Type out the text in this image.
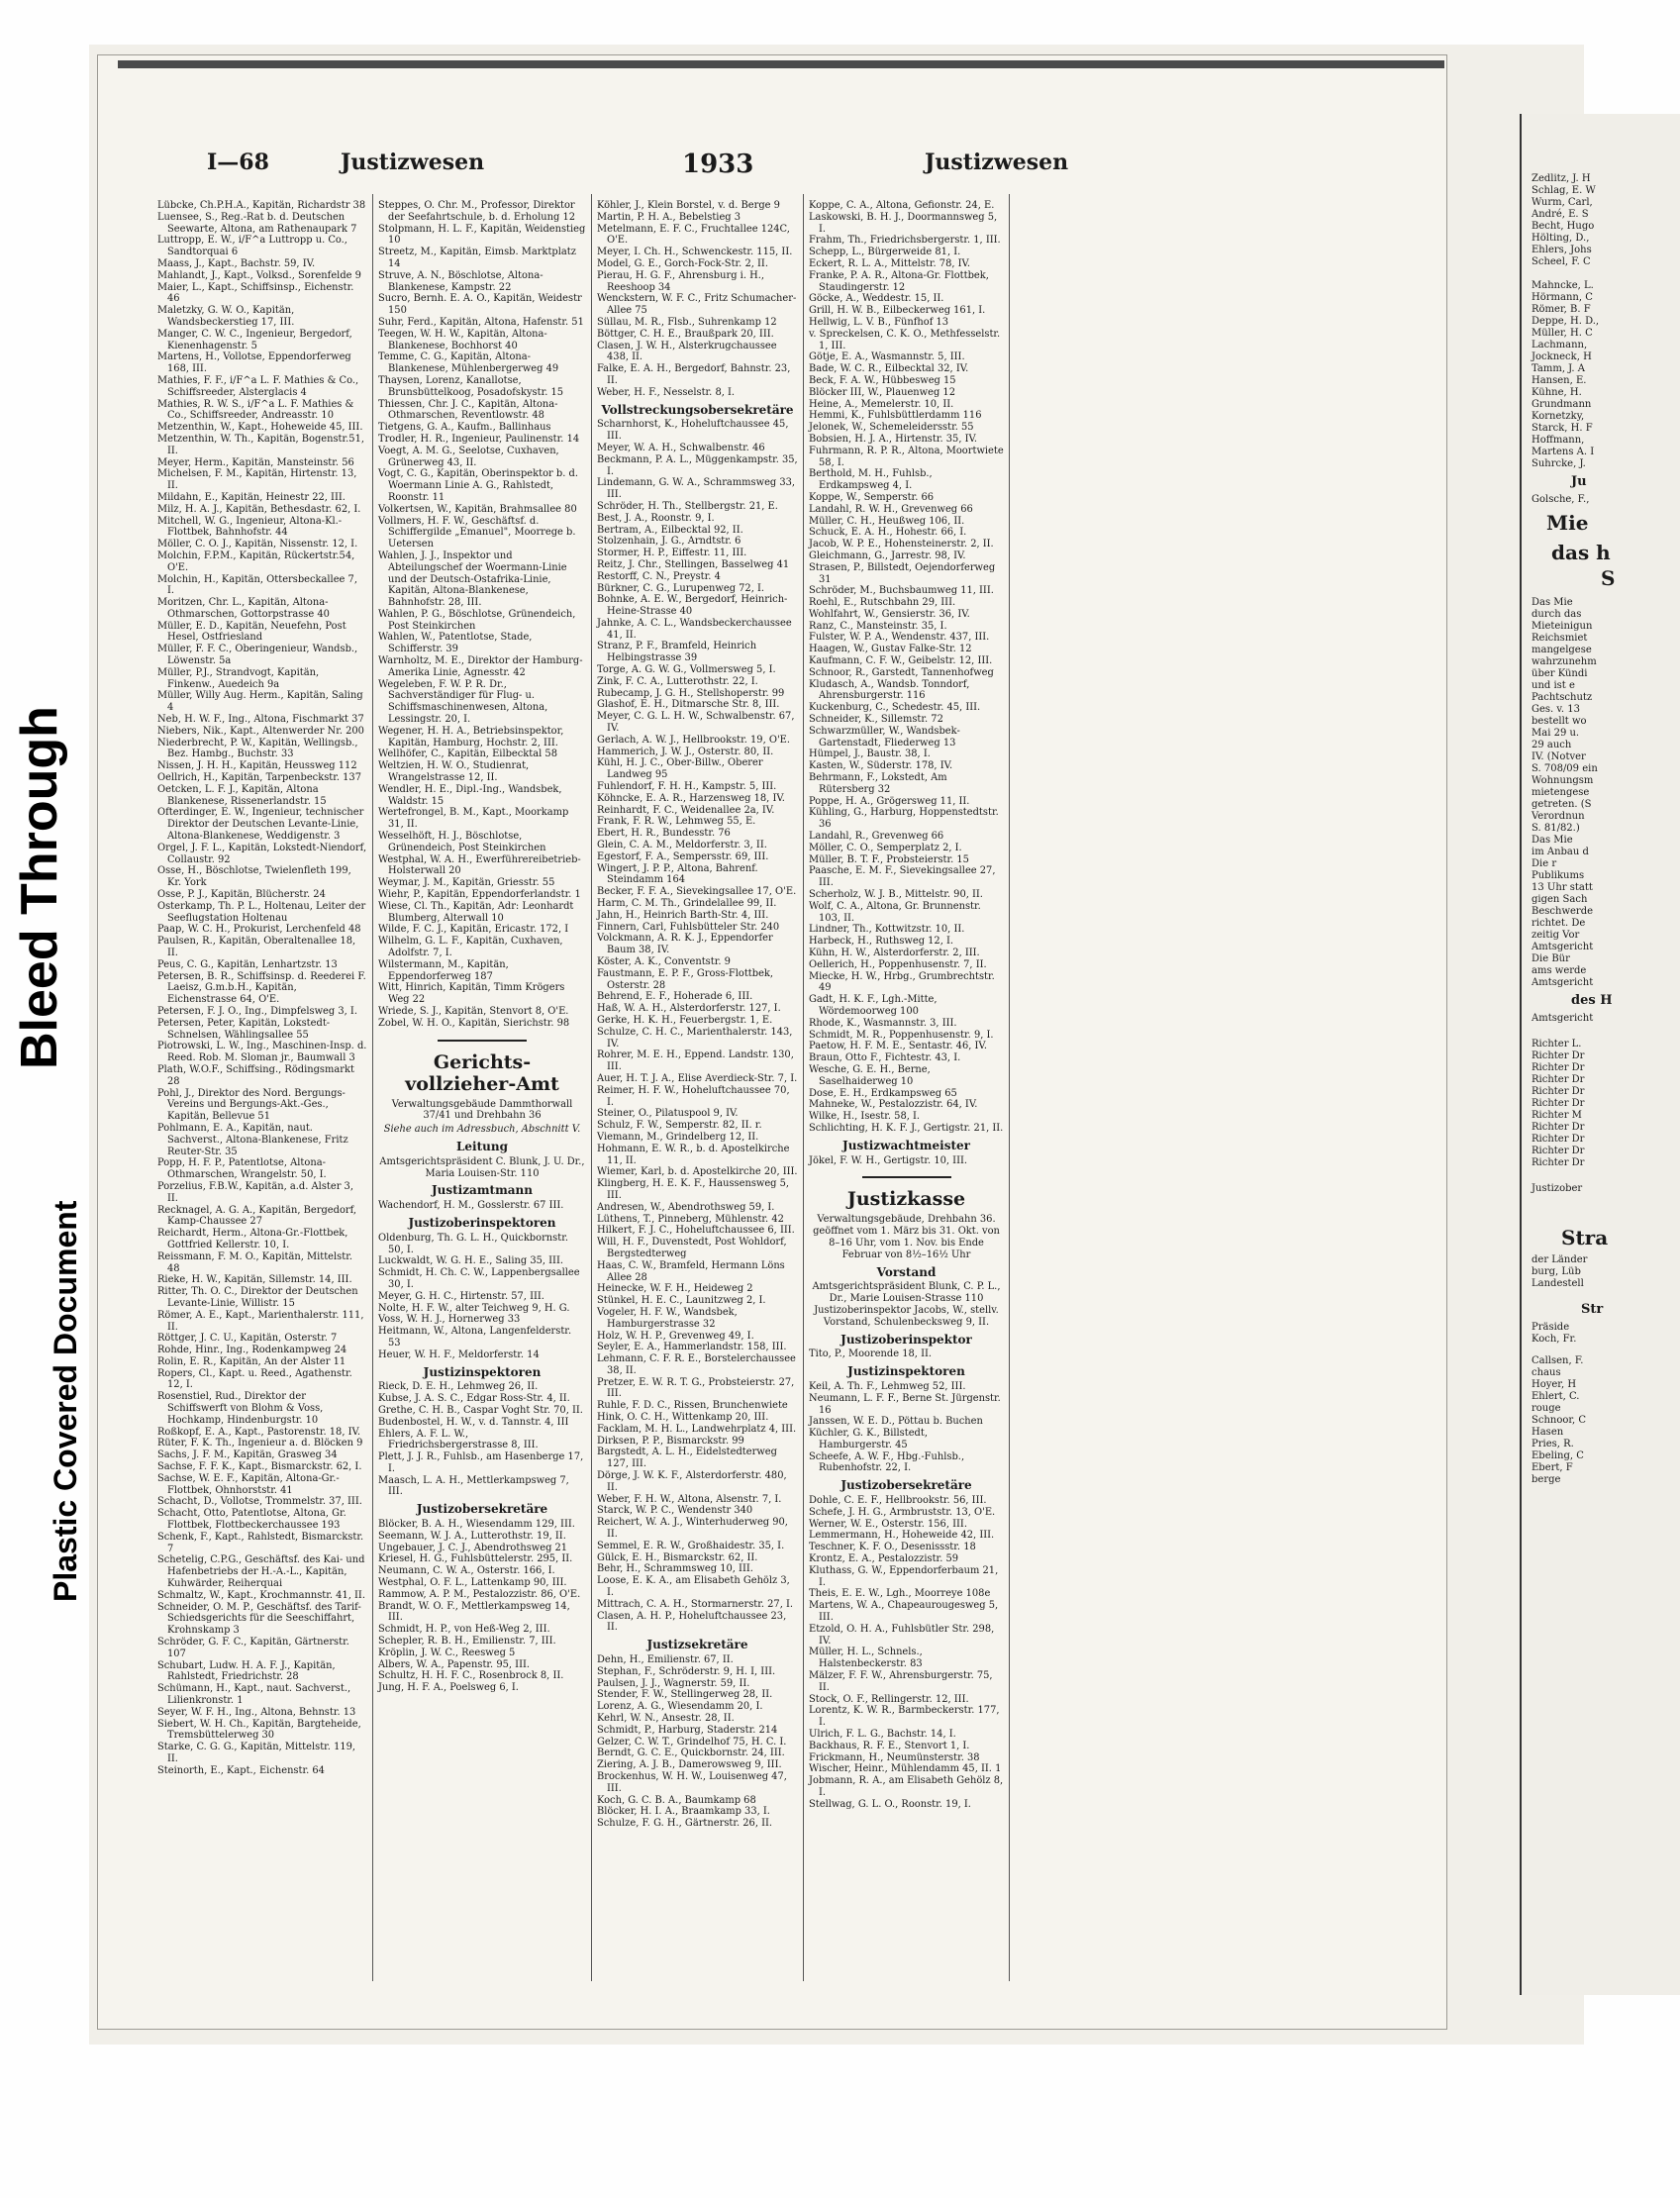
Bleed Through
Plastic Covered Document
I—68	Justizwesen	1933	Justizwesen

Lübcke, Ch.P.H.A., Kapitän, Richardstr 38

Luensee, S., Reg.-Rat b. d. Deutschen Seewarte, Altona, am Rathenaupark 7

Luttropp, E. W., i/F^a Luttropp u. Co., Sandtorquai 6

Maass, J., Kapt., Bachstr. 59, IV.

Mahlandt, J., Kapt., Volksd., Sorenfelde 9

Maier, L., Kapt., Schiffsinsp., Eichenstr. 46

Maletzky, G. W. O., Kapitän, Wandsbeckerstieg 17, III.

Manger, C. W. C., Ingenieur, Bergedorf, Kienenhagenstr. 5

Martens, H., Vollotse, Eppendorferweg 168, III.

Mathies, F. F., i/F^a L. F. Mathies & Co., Schiffsreeder, Alsterglacis 4

Mathies, R. W. S., i/F^a L. F. Mathies & Co., Schiffsreeder, Andreasstr. 10

Metzenthin, W., Kapt., Hoheweide 45, III.

Metzenthin, W. Th., Kapitän, Bogenstr.51, II.

Meyer, Herm., Kapitän, Mansteinstr. 56

Michelsen, F. M., Kapitän, Hirtenstr. 13, II.

Mildahn, E., Kapitän, Heinestr 22, III.

Milz, H. A. J., Kapitän, Bethesdastr. 62, I.

Mitchell, W. G., Ingenieur, Altona-Kl.-Flottbek, Bahnhofstr. 44

Möller, C. O. J., Kapitän, Nissenstr. 12, I.

Molchin, F.P.M., Kapitän, Rückertstr.54, O'E.

Molchin, H., Kapitän, Ottersbeckallee 7, I.

Moritzen, Chr. L., Kapitän, Altona-Othmarschen, Gottorpstrasse 40

Müller, E. D., Kapitän, Neuefehn, Post Hesel, Ostfriesland

Müller, F. F. C., Oberingenieur, Wandsb., Löwenstr. 5a

Müller, P.J., Strandvogt, Kapitän, Finkenw., Auedeich 9a

Müller, Willy Aug. Herm., Kapitän, Saling 4

Neb, H. W. F., Ing., Altona, Fischmarkt 37

Niebers, Nik., Kapt., Altenwerder Nr. 200

Niederbrecht, P. W., Kapitän, Wellingsb., Bez. Hambg., Buchstr. 33

Nissen, J. H. H., Kapitän, Heussweg 112

Oellrich, H., Kapitän, Tarpenbeckstr. 137

Oetcken, L. F. J., Kapitän, Altona Blankenese, Rissenerlandstr. 15

Ofterdinger, E. W., Ingenieur, technischer Direktor der Deutschen Levante-Linie, Altona-Blankenese, Weddigenstr. 3

Orgel, J. F. L., Kapitän, Lokstedt-Niendorf, Collaustr. 92

Osse, H., Böschlotse, Twielenfleth 199, Kr. York

Osse, P. J., Kapitän, Blücherstr. 24

Osterkamp, Th. P. L., Holtenau, Leiter der Seeflugstation Holtenau

Paap, W. C. H., Prokurist, Lerchenfeld 48

Paulsen, R., Kapitän, Oberaltenallee 18, II.

Peus, C. G., Kapitän, Lenhartzstr. 13

Petersen, B. R., Schiffsinsp. d. Reederei F. Laeisz, G.m.b.H., Kapitän, Eichenstrasse 64, O'E.

Petersen, F. J. O., Ing., Dimpfelsweg 3, I.

Petersen, Peter, Kapitän, Lokstedt-Schnelsen, Wählingsallee 55

Piotrowski, L. W., Ing., Maschinen-Insp. d. Reed. Rob. M. Sloman jr., Baumwall 3

Plath, W.O.F., Schiffsing., Rödingsmarkt 28

Pohl, J., Direktor des Nord. Bergungs-Vereins und Bergungs-Akt.-Ges., Kapitän, Bellevue 51

Pohlmann, E. A., Kapitän, naut. Sachverst., Altona-Blankenese, Fritz Reuter-Str. 35

Popp, H. F. P., Patentlotse, Altona-Othmarschen, Wrangelstr. 50, I.

Porzelius, F.B.W., Kapitän, a.d. Alster 3, II.

Recknagel, A. G. A., Kapitän, Bergedorf, Kamp-Chaussee 27

Reichardt, Herm., Altona-Gr.-Flottbek, Gottfried Kellerstr. 10, I.

Reissmann, F. M. O., Kapitän, Mittelstr. 48

Rieke, H. W., Kapitän, Sillemstr. 14, III.

Ritter, Th. O. C., Direktor der Deutschen Levante-Linie, Willistr. 15

Römer, A. E., Kapt., Marienthalerstr. 111, II.

Röttger, J. C. U., Kapitän, Osterstr. 7

Rohde, Hinr., Ing., Rodenkampweg 24

Rolin, E. R., Kapitän, An der Alster 11

Ropers, Cl., Kapt. u. Reed., Agathenstr. 12, I.

Rosenstiel, Rud., Direktor der Schiffswerft von Blohm & Voss, Hochkamp, Hindenburgstr. 10

Roßkopf, E. A., Kapt., Pastorenstr. 18, IV.

Rüter, F. K. Th., Ingenieur a. d. Blöcken 9

Sachs, J. F. M., Kapitän, Grasweg 34

Sachse, F. F. K., Kapt., Bismarckstr. 62, I.

Sachse, W. E. F., Kapitän, Altona-Gr.-Flottbek, Ohnhorststr. 41

Schacht, D., Vollotse, Trommelstr. 37, III.

Schacht, Otto, Patentlotse, Altona, Gr. Flottbek, Flottbeckerchaussee 193

Schenk, F., Kapt., Rahlstedt, Bismarckstr. 7

Schetelig, C.P.G., Geschäftsf. des Kai- und Hafenbetriebs der H.-A.-L., Kapitän, Kuhwärder, Reiherquai

Schmaltz, W., Kapt., Krochmannstr. 41, II.

Schneider, O. M. P., Geschäftsf. des Tarif-Schiedsgerichts für die Seeschiffahrt, Krohnskamp 3

Schröder, G. F. C., Kapitän, Gärtnerstr. 107

Schubart, Ludw. H. A. F. J., Kapitän, Rahlstedt, Friedrichstr. 28

Schümann, H., Kapt., naut. Sachverst., Lilienkronstr. 1

Seyer, W. F. H., Ing., Altona, Behnstr. 13

Siebert, W. H. Ch., Kapitän, Bargteheide, Tremsbüttelerweg 30

Starke, C. G. G., Kapitän, Mittelstr. 119, II.

Steinorth, E., Kapt., Eichenstr. 64

Steppes, O. Chr. M., Professor, Direktor der Seefahrtschule, b. d. Erholung 12

Stolpmann, H. L. F., Kapitän, Weidenstieg 10

Streetz, M., Kapitän, Eimsb. Marktplatz 14

Struve, A. N., Böschlotse, Altona-Blankenese, Kampstr. 22

Sucro, Bernh. E. A. O., Kapitän, Weidestr 150

Suhr, Ferd., Kapitän, Altona, Hafenstr. 51

Teegen, W. H. W., Kapitän, Altona-Blankenese, Bochhorst 40

Temme, C. G., Kapitän, Altona-Blankenese, Mühlenbergerweg 49

Thaysen, Lorenz, Kanallotse, Brunsbüttelkoog, Posadofskystr. 15

Thiessen, Chr. J. C., Kapitän, Altona-Othmarschen, Reventlowstr. 48

Tietgens, G. A., Kaufm., Ballinhaus

Trodler, H. R., Ingenieur, Paulinenstr. 14

Voegt, A. M. G., Seelotse, Cuxhaven, Grünerweg 43, II.

Vogt, C. G., Kapitän, Oberinspektor b. d. Woermann Linie A. G., Rahlstedt, Roonstr. 11

Volkertsen, W., Kapitän, Brahmsallee 80

Vollmers, H. F. W., Geschäftsf. d. Schiffergilde „Emanuel", Moorrege b. Uetersen

Wahlen, J. J., Inspektor und Abteilungschef der Woermann-Linie und der Deutsch-Ostafrika-Linie, Kapitän, Altona-Blankenese, Bahnhofstr. 28, III.

Wahlen, P. G., Böschlotse, Grünendeich, Post Steinkirchen

Wahlen, W., Patentlotse, Stade, Schifferstr. 39

Warnholtz, M. E., Direktor der Hamburg-Amerika Linie, Agnesstr. 42

Wegeleben, F. W. P. R. Dr., Sachverständiger für Flug- u. Schiffsmaschinenwesen, Altona, Lessingstr. 20, I.

Wegener, H. H. A., Betriebsinspektor, Kapitän, Hamburg, Hochstr. 2, III.

Wellhöfer, C., Kapitän, Eilbecktal 58

Weltzien, H. W. O., Studienrat, Wrangelstrasse 12, II.

Wendler, H. E., Dipl.-Ing., Wandsbek, Waldstr. 15

Wertefrongel, B. M., Kapt., Moorkamp 31, II.

Wesselhöft, H. J., Böschlotse, Grünendeich, Post Steinkirchen

Westphal, W. A. H., Ewerführereibetrieb-Holsterwall 20

Weymar, J. M., Kapitän, Griesstr. 55

Wiehr, P., Kapitän, Eppendorferlandstr. 1

Wiese, Cl. Th., Kapitän, Adr: Leonhardt Blumberg, Alterwall 10

Wilde, F. C. J., Kapitän, Ericastr. 172, I

Wilhelm, G. L. F., Kapitän, Cuxhaven, Adolfstr. 7, I.

Wilstermann, M., Kapitän, Eppendorferweg 187

Witt, Hinrich, Kapitän, Timm Krögers Weg 22

Wriede, S. J., Kapitän, Stenvort 8, O'E.

Zobel, W. H. O., Kapitän, Sierichstr. 98

Gerichts-
vollzieher-Amt

Verwaltungsgebäude Dammthorwall 37/41 und Drehbahn 36

Siehe auch im Adressbuch, Abschnitt V.

Leitung

Amtsgerichtspräsident C. Blunk, J. U. Dr., Maria Louisen-Str. 110

Justizamtmann

Wachendorf, H. M., Gosslerstr. 67 III.

Justizoberinspektoren

Oldenburg, Th. G. L. H., Quickbornstr. 50, I.

Luckwaldt, W. G. H. E., Saling 35, III.

Schmidt, H. Ch. C. W., Lappenbergsallee 30, I.

Meyer, G. H. C., Hirtenstr. 57, III.

Nolte, H. F. W., alter Teichweg 9, H. G.

Voss, W. H. J., Hornerweg 33

Heitmann, W., Altona, Langenfelderstr. 53

Heuer, W. H. F., Meldorferstr. 14

Justizinspektoren

Rieck, D. E. H., Lehmweg 26, II.

Kubse, J. A. S. C., Edgar Ross-Str. 4, II.

Grethe, C. H. B., Caspar Voght Str. 70, II.

Budenbostel, H. W., v. d. Tannstr. 4, III

Ehlers, A. F. L. W., Friedrichsbergerstrasse 8, III.

Plett, J. J. R., Fuhlsb., am Hasenberge 17, I.

Maasch, L. A. H., Mettlerkampsweg 7, III.

Justizobersekretäre

Blöcker, B. A. H., Wiesendamm 129, III.

Seemann, W. J. A., Lutterothstr. 19, II.

Ungebauer, J. C. J., Abendrothsweg 21

Kriesel, H. G., Fuhlsbüttelerstr. 295, II.

Neumann, C. W. A., Osterstr. 166, I.

Westphal, O. F. L., Lattenkamp 90, III.

Rammow, A. P. M., Pestalozzistr. 86, O'E.

Brandt, W. O. F., Mettlerkampsweg 14, III.

Schmidt, H. P., von Heß-Weg 2, III.

Schepler, R. B. H., Emilienstr. 7, III.

Kröplin, J. W. C., Reesweg 5

Albers, W. A., Papenstr. 95, III.

Schultz, H. H. F. C., Rosenbrock 8, II.

Jung, H. F. A., Poelsweg 6, I.

Köhler, J., Klein Borstel, v. d. Berge 9

Martin, P. H. A., Bebelstieg 3

Metelmann, E. F. C., Fruchtallee 124C, O'E.

Meyer, I. Ch. H., Schwenckestr. 115, II.

Model, G. E., Gorch-Fock-Str. 2, II.

Pierau, H. G. F., Ahrensburg i. H., Reeshoop 34

Wenckstern, W. F. C., Fritz Schumacher-Allee 75

Süllau, M. R., Flsb., Suhrenkamp 12

Böttger, C. H. E., Braußpark 20, III.

Clasen, J. W. H., Alsterkrugchaussee 438, II.

Falke, E. A. H., Bergedorf, Bahnstr. 23, II.

Weber, H. F., Nesselstr. 8, I.

Vollstreckungsobersekretäre

Scharnhorst, K., Hoheluftchaussee 45, III.

Meyer, W. A. H., Schwalbenstr. 46

Beckmann, P. A. L., Müggenkampstr. 35, I.

Lindemann, G. W. A., Schrammsweg 33, III.

Schröder, H. Th., Stellbergstr. 21, E.

Best, J. A., Roonstr. 9, I.

Bertram, A., Eilbecktal 92, II.

Stolzenhain, J. G., Arndtstr. 6

Stormer, H. P., Eiffestr. 11, III.

Reitz, J. Chr., Stellingen, Basselweg 41

Restorff, C. N., Preystr. 4

Bürkner, C. G., Lurupenweg 72, I.

Bohnke, A. E. W., Bergedorf, Heinrich-Heine-Strasse 40

Jahnke, A. C. L., Wandsbeckerchaussee 41, II.

Stranz, P. F., Bramfeld, Heinrich Helbingstrasse 39

Torge, A. G. W. G., Vollmersweg 5, I.

Zink, F. C. A., Lutterothstr. 22, I.

Rubecamp, J. G. H., Stellshoperstr. 99

Glashof, E. H., Ditmarsche Str. 8, III.

Meyer, C. G. L. H. W., Schwalbenstr. 67, IV.

Gerlach, A. W. J., Hellbrookstr. 19, O'E.

Hammerich, J. W. J., Osterstr. 80, II.

Kühl, H. J. C., Ober-Billw., Oberer Landweg 95

Fuhlendorf, F. H. H., Kampstr. 5, III.

Köhncke, E. A. R., Harzensweg 18, IV.

Reinhardt, F. C., Weidenallee 2a, IV.

Frank, F. R. W., Lehmweg 55, E.

Ebert, H. R., Bundesstr. 76

Glein, C. A. M., Meldorferstr. 3, II.

Egestorf, F. A., Sempersstr. 69, III.

Wingert, J. P. P., Altona, Bahrenf. Steindamm 164

Becker, F. F. A., Sievekingsallee 17, O'E.

Harm, C. M. Th., Grindelallee 99, II.

Jahn, H., Heinrich Barth-Str. 4, III.

Finnern, Carl, Fuhlsbütteler Str. 240

Volckmann, A. R. K. J., Eppendorfer Baum 38, IV.

Köster, A. K., Conventstr. 9

Faustmann, E. P. F., Gross-Flottbek, Osterstr. 28

Behrend, E. F., Hoherade 6, III.

Haß, W. A. H., Alsterdorferstr. 127, I.

Gerke, H. K. H., Feuerbergstr. 1, E.

Schulze, C. H. C., Marienthalerstr. 143, IV.

Rohrer, M. E. H., Eppend. Landstr. 130, III.

Auer, H. T. J. A., Elise Averdieck-Str. 7, I.

Reimer, H. F. W., Hoheluftchaussee 70, I.

Steiner, O., Pilatuspool 9, IV.

Schulz, F. W., Semperstr. 82, II. r.

Viemann, M., Grindelberg 12, II.

Hohmann, E. W. R., b. d. Apostelkirche 11, II.

Wiemer, Karl, b. d. Apostelkirche 20, III.

Klingberg, H. E. K. F., Haussensweg 5, III.

Andresen, W., Abendrothsweg 59, I.

Lüthens, T., Pinneberg, Mühlenstr. 42

Hilkert, F. J. C., Hoheluftchaussee 6, III.

Will, H. F., Duvenstedt, Post Wohldorf, Bergstedterweg

Haas, C. W., Bramfeld, Hermann Löns Allee 28

Heinecke, W. F. H., Heideweg 2

Stünkel, H. E. C., Launitzweg 2, I.

Vogeler, H. F. W., Wandsbek, Hamburgerstrasse 32

Holz, W. H. P., Grevenweg 49, I.

Seyler, E. A., Hammerlandstr. 158, III.

Lehmann, C. F. R. E., Borstelerchaussee 38, II.

Pretzer, E. W. R. T. G., Probsteierstr. 27, III.

Ruhle, F. D. C., Rissen, Brunchenwiete

Hink, O. C. H., Wittenkamp 20, III.

Facklam, M. H. L., Landwehrplatz 4, III.

Dirksen, P. P., Bismarckstr. 99

Bargstedt, A. L. H., Eidelstedterweg 127, III.

Dörge, J. W. K. F., Alsterdorferstr. 480, II.

Weber, F. H. W., Altona, Alsenstr. 7, I.

Starck, W. P. C., Wendenstr 340

Reichert, W. A. J., Winterhuderweg 90, II.

Semmel, E. R. W., Großhaidestr. 35, I.

Gülck, E. H., Bismarckstr. 62, II.

Behr, H., Schrammsweg 10, III.

Loose, E. K. A., am Elisabeth Gehölz 3, I.

Mittrach, C. A. H., Stormarnerstr. 27, I.

Clasen, A. H. P., Hoheluftchaussee 23, II.

Justizsekretäre

Dehn, H., Emilienstr. 67, II.

Stephan, F., Schröderstr. 9, H. I, III.

Paulsen, J. J., Wagnerstr. 59, II.

Stender, F. W., Stellingerweg 28, II.

Lorenz, A. G., Wiesendamm 20, I.

Kehrl, W. N., Ansestr. 28, II.

Schmidt, P., Harburg, Staderstr. 214

Gelzer, C. W. T., Grindelhof 75, H. C. I.

Berndt, G. C. E., Quickbornstr. 24, III.

Ziering, A. J. B., Damerowsweg 9, III.

Brockenhus, W. H. W., Louisenweg 47, III.

Koch, G. C. B. A., Baumkamp 68

Blöcker, H. I. A., Braamkamp 33, I.

Schulze, F. G. H., Gärtnerstr. 26, II.

Koppe, C. A., Altona, Gefionstr. 24, E.

Laskowski, B. H. J., Doormannsweg 5, I.

Frahm, Th., Friedrichsbergerstr. 1, III.

Schepp, L., Bürgerweide 81, I.

Eckert, R. L. A., Mittelstr. 78, IV.

Franke, P. A. R., Altona-Gr. Flottbek, Staudingerstr. 12

Göcke, A., Weddestr. 15, II.

Grill, H. W. B., Eilbeckerweg 161, I.

Hellwig, L. V. B., Fünfhof 13

v. Spreckelsen, C. K. O., Methfesselstr. 1, III.

Götje, E. A., Wasmannstr. 5, III.

Bade, W. C. R., Eilbecktal 32, IV.

Beck, F. A. W., Hübbesweg 15

Blöcker III, W., Plauenweg 12

Heine, A., Memelerstr. 10, II.

Hemmi, K., Fuhlsbüttlerdamm 116

Jelonek, W., Schemeleidersstr. 55

Bobsien, H. J. A., Hirtenstr. 35, IV.

Fuhrmann, R. P. R., Altona, Moortwiete 58, I.

Berthold, M. H., Fuhlsb., Erdkampsweg 4, I.

Koppe, W., Semperstr. 66

Landahl, R. W. H., Grevenweg 66

Müller, C. H., Heußweg 106, II.

Schuck, E. A. H., Hohestr. 66, I.

Jacob, W. P. E., Hohensteinerstr. 2, II.

Gleichmann, G., Jarrestr. 98, IV.

Strasen, P., Billstedt, Oejendorferweg 31

Schröder, M., Buchsbaumweg 11, III.

Roehl, E., Rutschbahn 29, III.

Wohlfahrt, W., Gensierstr. 36, IV.

Ranz, C., Mansteinstr. 35, I.

Fulster, W. P. A., Wendenstr. 437, III.

Haagen, W., Gustav Falke-Str. 12

Kaufmann, C. F. W., Geibelstr. 12, III.

Schnoor, R., Garstedt, Tannenhofweg

Kludasch, A., Wandsb. Tonndorf, Ahrensburgerstr. 116

Kuckenburg, C., Schedestr. 45, III.

Schneider, K., Sillemstr. 72

Schwarzmüller, W., Wandsbek-Gartenstadt, Fliederweg 13

Hümpel, J., Baustr. 38, I.

Kasten, W., Süderstr. 178, IV.

Behrmann, F., Lokstedt, Am Rütersberg 32

Poppe, H. A., Grögersweg 11, II.

Kühling, G., Harburg, Hoppenstedtstr. 36

Landahl, R., Grevenweg 66

Möller, C. O., Semperplatz 2, I.

Müller, B. T. F., Probsteierstr. 15

Paasche, E. M. F., Sievekingsallee 27, III.

Scherholz, W. J. B., Mittelstr. 90, II.

Wolf, C. A., Altona, Gr. Brunnenstr. 103, II.

Lindner, Th., Kottwitzstr. 10, II.

Harbeck, H., Ruthsweg 12, I.

Kühn, H. W., Alsterdorferstr. 2, III.

Oellerich, H., Poppenhusenstr. 7, II.

Miecke, H. W., Hrbg., Grumbrechtstr. 49

Gadt, H. K. F., Lgh.-Mitte, Wördemoorweg 100

Rhode, K., Wasmannstr. 3, III.

Schmidt, M. R., Poppenhusenstr. 9, I.

Paetow, H. F. M. E., Sentastr. 46, IV.

Braun, Otto F., Fichtestr. 43, I.

Wesche, G. E. H., Berne, Saselhaiderweg 10

Dose, E. H., Erdkampsweg 65

Mahneke, W., Pestalozzistr. 64, IV.

Wilke, H., Isestr. 58, I.

Schlichting, H. K. F. J., Gertigstr. 21, II.

Justizwachtmeister

Jökel, F. W. H., Gertigstr. 10, III.

Justizkasse

Verwaltungsgebäude, Drehbahn 36. geöffnet vom 1. März bis 31. Okt. von 8–16 Uhr, vom 1. Nov. bis Ende Februar von 8½–16½ Uhr

Vorstand

Amtsgerichtspräsident Blunk, C. P. L., Dr., Marie Louisen-Strasse 110 Justizoberinspektor Jacobs, W., stellv. Vorstand, Schulenbecksweg 9, II.

Justizoberinspektor

Tito, P., Moorende 18, II.

Justizinspektoren

Keil, A. Th. F., Lehmweg 52, III.

Neumann, L. F. F., Berne St. Jürgenstr. 16

Janssen, W. E. D., Pöttau b. Buchen

Küchler, G. K., Billstedt, Hamburgerstr. 45

Scheefe, A. W. F., Hbg.-Fuhlsb., Rubenhofstr. 22, I.

Justizobersekretäre

Dohle, C. E. F., Hellbrookstr. 56, III.

Schefe, J. H. G., Armbruststr. 13, O'E.

Werner, W. E., Osterstr. 156, III.

Lemmermann, H., Hoheweide 42, III.

Teschner, K. F. O., Desenissstr. 18

Krontz, E. A., Pestalozzistr. 59

Kluthass, G. W., Eppendorferbaum 21, I.

Theis, E. E. W., Lgh., Moorreye 108e

Martens, W. A., Chapeaurougesweg 5, III.

Etzold, O. H. A., Fuhlsbütler Str. 298, IV.

Müller, H. L., Schnels., Halstenbeckerstr. 83

Mälzer, F. F. W., Ahrensburgerstr. 75, II.

Stock, O. F., Rellingerstr. 12, III.

Lorentz, K. W. R., Barmbeckerstr. 177, I.

Ulrich, F. L. G., Bachstr. 14, I.

Backhaus, R. F. E., Stenvort 1, I.

Frickmann, H., Neumünsterstr. 38

Wischer, Heinr., Mühlendamm 45, II. 1

Jobmann, R. A., am Elisabeth Gehölz 8, I.

Stellwag, G. L. O., Roonstr. 19, I.

Zedlitz, J. H

Schlag, E. W

Wurm, Carl,

André, E. S

Becht, Hugo

Hölting, D.,

Ehlers, Johs

Scheel, F. C

Mahncke, L.

Hörmann, C

Römer, B. F

Deppe, H. D.,

Müller, H. C

Lachmann,

Jockneck, H

Tamm, J. A

Hansen, E.

Kühne, H.

Grundmann

Kornetzky,

Starck, H. F

Hoffmann,

Martens A. I

Suhrcke, J.

Ju

Golsche, F.,

Mie

das h

S

Das Mie

durch das

Mieteinigun

Reichsmiet

mangelgese

wahrzunehm

über Kündi

und ist e

Pachtschutz

Ges. v. 13

bestellt wo

Mai 29 u.

29 auch

IV. (Notver

S. 708/09 ein

Wohnungsm

mietengese

getreten. (S

Verordnun

S. 81/82.)

Das Mie

im Anbau d

Die r

Publikums

13 Uhr statt

gigen Sach

Beschwerde

richtet. De

zeitig Vor

Amtsgericht

Die Bür

ams werde

Amtsgericht

des H

Amtsgericht

Richter L.

Richter Dr

Richter Dr

Richter Dr

Richter Dr

Richter Dr

Richter M

Richter Dr

Richter Dr

Richter Dr

Richter Dr

Justizober

Stra

der Länder

burg, Lüb

Landestell

Str

Präside

Koch, Fr.

Callsen, F.

chaus

Hoyer, H

Ehlert, C.

rouge

Schnoor, C

Hasen

Pries, R.

Ebeling, C

Ebert, F

berge
